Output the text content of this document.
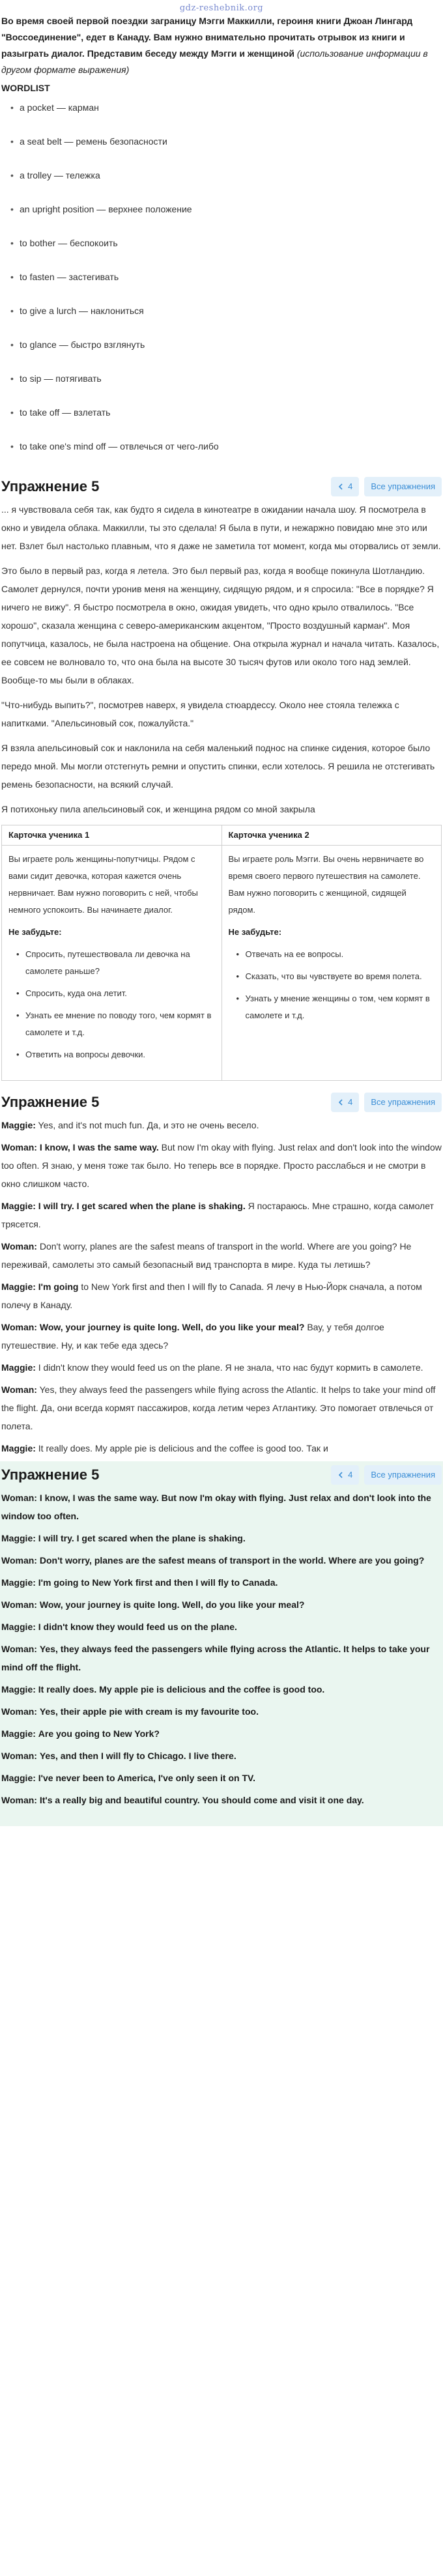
gdz-reshebnik.org

Во время своей первой поездки заграницу Мэгги Маккилли, героиня книги Джоан Лингард "Воссоединение", едет в Канаду. Вам нужно внимательно прочитать отрывок из книги и разыграть диалог. Представим беседу между Мэгги и женщиной (использование информации в другом формате выражения)

WORDLIST
• a pocket — карман
• a seat belt — ремень безопасности
• a trolley — тележка
• an upright position — верхнее положение
• to bother — беспокоить
• to fasten — застегивать
• to give a lurch — наклониться
• to glance — быстро взглянуть
• to sip — потягивать
• to take off — взлетать
• to take one's mind off — отвлечься от чего-либо
Упражнение 5	4	Все упражнения

... я чувствовала себя так, как будто я сидела в кинотеатре в ожидании начала шоу. Я посмотрела в окно и увидела облака. Маккилли, ты это сделала! Я была в пути, и нежаржно повидаю мне это или нет. Взлет был настолько плавным, что я даже не заметила тот момент, когда мы оторвались от земли.

Это было в первый раз, когда я летела. Это был первый раз, когда я вообще покинула Шотландию. Самолет дернулся, почти уронив меня на женщину, сидящую рядом, и я спросила: "Все в порядке? Я ничего не вижу". Я быстро посмотрела в окно, ожидая увидеть, что одно крыло отвалилось. "Все хорошо", сказала женщина с северо-американским акцентом, "Просто воздушный карман". Моя попутчица, казалось, не была настроена на общение. Она открыла журнал и начала читать. Казалось, ее совсем не волновало то, что она была на высоте 30 тысяч футов или около того над землей. Вообще-то мы были в облаках.

"Что-нибудь выпить?", посмотрев наверх, я увидела стюардессу. Около нее стояла тележка с напитками. "Апельсиновый сок, пожалуйста."

Я взяла апельсиновый сок и наклонила на себя маленький поднос на спинке сидения, которое было передо мной. Мы могли отстегнуть ремни и опустить спинки, если хотелось. Я решила не отстегивать ремень безопасности, на всякий случай.

Я потихоньку пила апельсиновый сок, и женщина рядом со мной закрыла

Карточка ученика 1
Вы играете роль женщины-попутчицы. Рядом с вами сидит девочка, которая кажется очень нервничает. Вам нужно поговорить с ней, чтобы немного успокоить. Вы начинаете диалог.
Не забудьте:
• Спросить, путешествовала ли девочка на самолете раньше?
• Спросить, куда она летит.
• Узнать ее мнение по поводу того, чем кормят в самолете и т.д.
• Ответить на вопросы девочки.
Карточка ученика 2
Вы играете роль Мэгги. Вы очень нервничаете во время своего первого путешествия на самолете. Вам нужно поговорить с женщиной, сидящей рядом.
Не забудьте:
• Отвечать на ее вопросы.
• Сказать, что вы чувствуете во время полета.
• Узнать у мнение женщины о том, чем кормят в самолете и т.д.
Упражнение 5	4	Все упражнения

Maggie: Yes, and it's not much fun. Да, и это не очень весело.

Woman: I know, I was the same way. But now I'm okay with flying. Just relax and don't look into the window too often. Я знаю, у меня тоже так было. Но теперь все в порядке. Просто расслабься и не смотри в окно слишком часто.

Maggie: I will try. I get scared when the plane is shaking. Я постараюсь. Мне страшно, когда самолет трясется.

Woman: Don't worry, planes are the safest means of transport in the world. Where are you going? Не переживай, самолеты это самый безопасный вид транспорта в мире. Куда ты летишь?

Maggie: I'm going to New York first and then I will fly to Canada. Я лечу в Нью-Йорк сначала, а потом полечу в Канаду.

Woman: Wow, your journey is quite long. Well, do you like your meal? Вау, у тебя долгое путешествие. Ну, и как тебе еда здесь?

Maggie: I didn't know they would feed us on the plane. Я не знала, что нас будут кормить в самолете.

Woman: Yes, they always feed the passengers while flying across the Atlantic. It helps to take your mind off the flight. Да, они всегда кормят пассажиров, когда летим через Атлантику. Это помогает отвлечься от полета.

Maggie: It really does. My apple pie is delicious and the coffee is good too. Так и

Упражнение 5	4	Все упражнения

Woman: I know, I was the same way. But now I'm okay with flying. Just relax and don't look into the window too often.

Maggie: I will try. I get scared when the plane is shaking.

Woman: Don't worry, planes are the safest means of transport in the world. Where are you going?

Maggie: I'm going to New York first and then I will fly to Canada.

Woman: Wow, your journey is quite long. Well, do you like your meal?

Maggie: I didn't know they would feed us on the plane.

Woman: Yes, they always feed the passengers while flying across the Atlantic. It helps to take your mind off the flight.

Maggie: It really does. My apple pie is delicious and the coffee is good too.

Woman: Yes, their apple pie with cream is my favourite too.

Maggie: Are you going to New York?

Woman: Yes, and then I will fly to Chicago. I live there.

Maggie: I've never been to America, I've only seen it on TV.

Woman: It's a really big and beautiful country. You should come and visit it one day.
